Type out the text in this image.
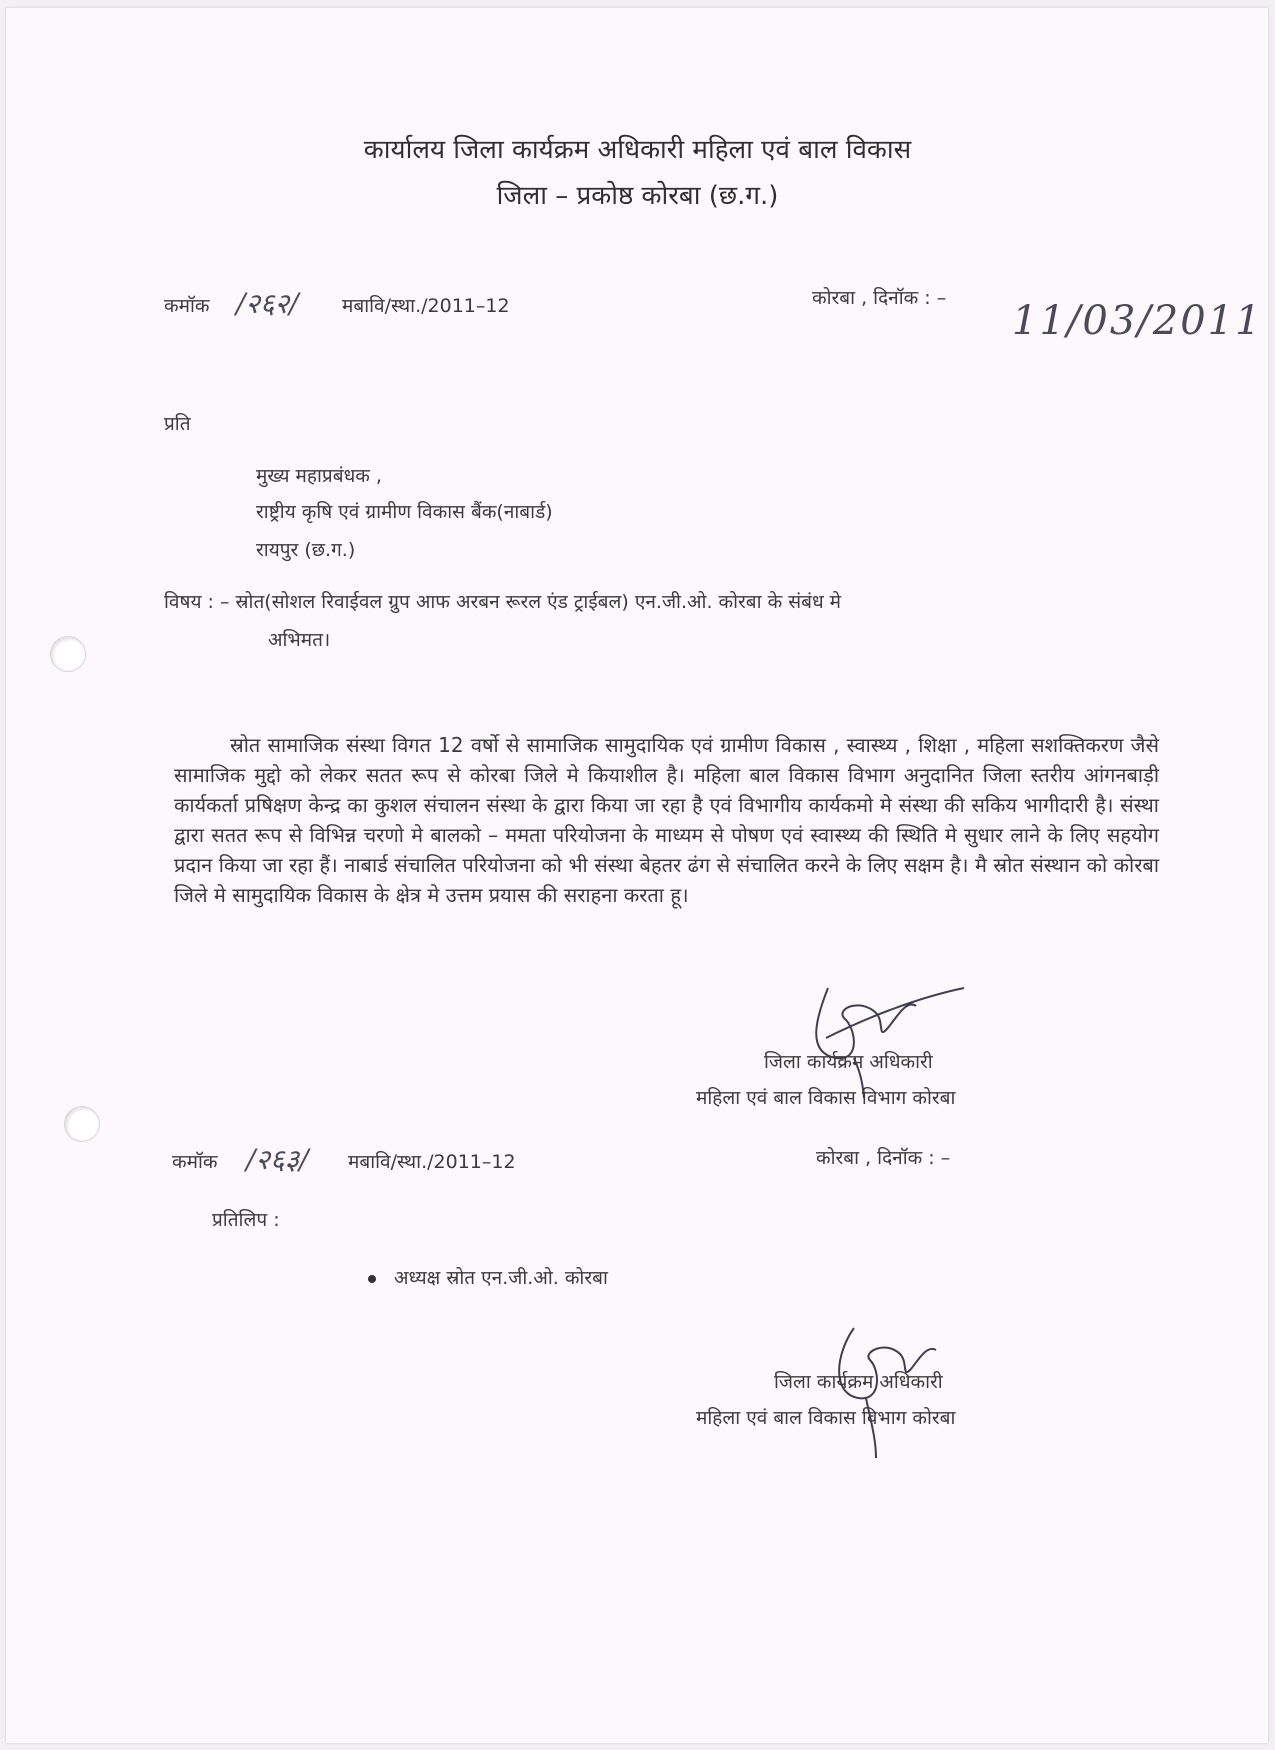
कार्यालय जिला कार्यक्रम अधिकारी महिला एवं बाल विकास
जिला – प्रकोष्ठ कोरबा (छ.ग.)
कमॉक /२६२/ मबावि/स्था./2011–12	कोरबा , दिनॉक : – 11/03/2011
प्रति
मुख्य महाप्रबंधक ,
राष्ट्रीय कृषि एवं ग्रामीण विकास बैंक(नाबार्ड)
रायपुर (छ.ग.)
विषय : – स्रोत(सोशल रिवाईवल ग्रुप आफ अरबन रूरल एंड ट्राईबल) एन.जी.ओ. कोरबा के संबंध मे
अभिमत।
स्रोत सामाजिक संस्था विगत 12 वर्षो से सामाजिक सामुदायिक एवं ग्रामीण विकास , स्वास्थ्य , शिक्षा , महिला सशक्तिकरण जैसे सामाजिक मुद्दो को लेकर सतत रूप से कोरबा जिले मे कियाशील है। महिला बाल विकास विभाग अनुदानित जिला स्तरीय आंगनबाड़ी कार्यकर्ता प्रषिक्षण केन्द्र का कुशल संचालन संस्था के द्वारा किया जा रहा है एवं विभागीय कार्यकमो मे संस्था की सकिय भागीदारी है। संस्था द्वारा सतत रूप से विभिन्न चरणो मे बालको – ममता परियोजना के माध्यम से पोषण एवं स्वास्थ्य की स्थिति मे सुधार लाने के लिए सहयोग प्रदान किया जा रहा हैं। नाबार्ड संचालित परियोजना को भी संस्था बेहतर ढंग से संचालित करने के लिए सक्षम है। मै स्रोत संस्थान को कोरबा जिले मे सामुदायिक विकास के क्षेत्र मे उत्तम प्रयास की सराहना करता हू।
जिला कार्यक्रम अधिकारी
महिला एवं बाल विकास विभाग कोरबा
कमॉक /२६३/ मबावि/स्था./2011–12	कोरबा , दिनॉक : –
प्रतिलिप :
अध्यक्ष स्रोत एन.जी.ओ. कोरबा
जिला कार्यक्रम अधिकारी
महिला एवं बाल विकास विभाग कोरबा
